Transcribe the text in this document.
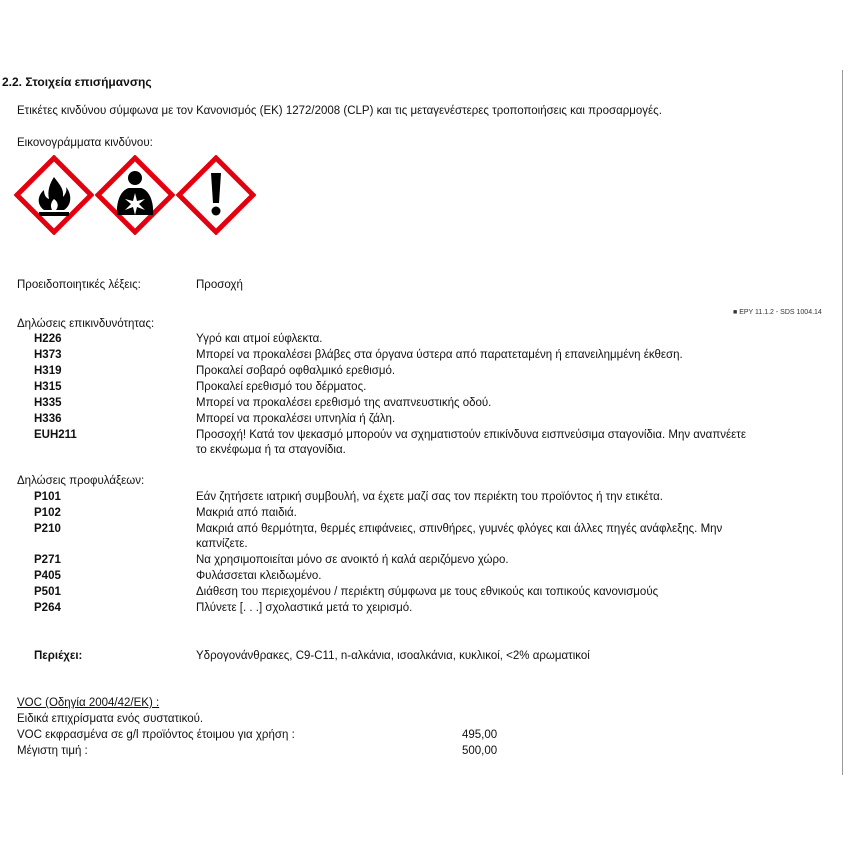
2.2. Στοιχεία επισήμανσης
Ετικέτες κινδύνου σύμφωνα με τον Κανονισμός (ΕΚ) 1272/2008 (CLP) και τις μεταγενέστερες τροποποιήσεις και προσαρμογές.
Εικονογράμματα κινδύνου:
Προειδοποιητικές λέξεις:	Προσοχή
■ EPY 11.1.2 - SDS 1004.14
Δηλώσεις επικινδυνότητας:
H226	Υγρό και ατμοί εύφλεκτα.
H373	Μπορεί να προκαλέσει βλάβες στα όργανα ύστερα από παρατεταμένη ή επανειλημμένη έκθεση.
H319	Προκαλεί σοβαρό οφθαλμικό ερεθισμό.
H315	Προκαλεί ερεθισμό του δέρματος.
H335	Μπορεί να προκαλέσει ερεθισμό της αναπνευστικής οδού.
H336	Μπορεί να προκαλέσει υπνηλία ή ζάλη.
EUH211	Προσοχή! Κατά τον ψεκασμό μπορούν να σχηματιστούν επικίνδυνα εισπνεύσιμα σταγονίδια. Μην αναπνέετε
το εκνέφωμα ή τα σταγονίδια.
Δηλώσεις προφυλάξεων:
P101	Εάν ζητήσετε ιατρική συμβουλή, να έχετε μαζί σας τον περιέκτη του προϊόντος ή την ετικέτα.
P102	Μακριά από παιδιά.
P210	Μακριά από θερμότητα, θερμές επιφάνειες, σπινθήρες, γυμνές φλόγες και άλλες πηγές ανάφλεξης. Μην
καπνίζετε.
P271	Να χρησιμοποιείται μόνο σε ανοικτό ή καλά αεριζόμενο χώρο.
P405	Φυλάσσεται κλειδωμένο.
P501	Διάθεση του περιεχομένου / περιέκτη σύμφωνα με τους εθνικούς και τοπικούς κανονισμούς
P264	Πλύνετε [. . .] σχολαστικά μετά το χειρισμό.
Περιέχει:	Υδρογονάνθρακες, C9-C11, n-αλκάνια, ισοαλκάνια, κυκλικοί, <2% αρωματικοί
VOC (Οδηγία 2004/42/ΕΚ) :
Ειδικά επιχρίσματα ενός συστατικού.
VOC εκφρασμένα σε g/l προϊόντος έτοιμου για χρήση :	495,00
Μέγιστη τιμή :	500,00
